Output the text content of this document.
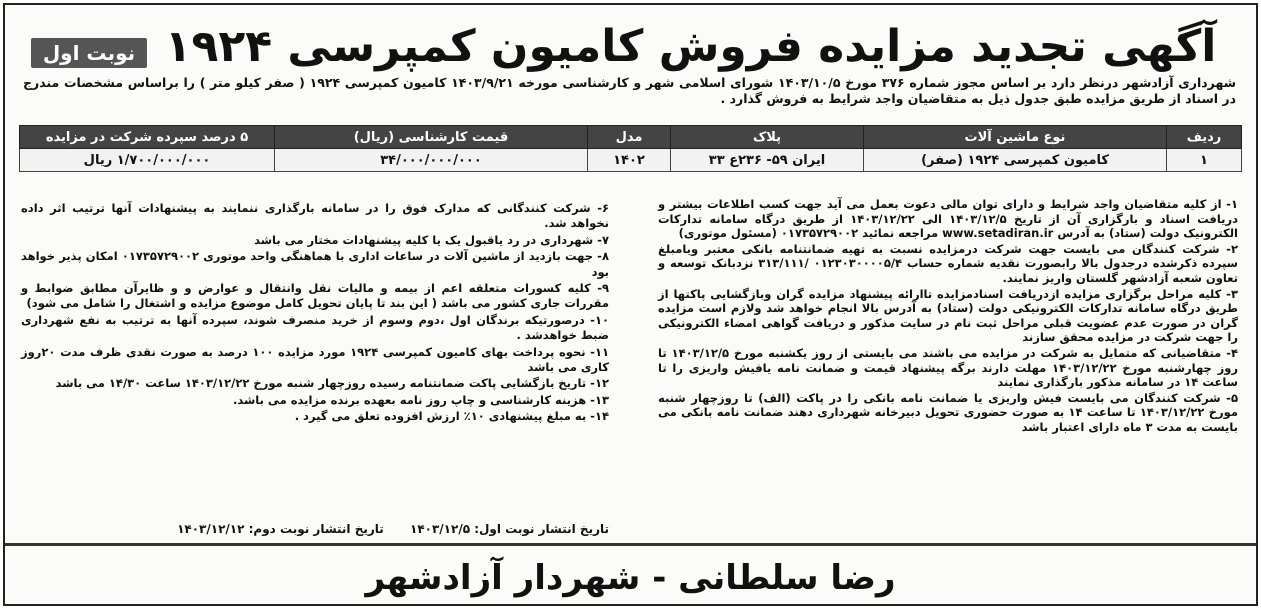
نوبت اول آگهی تجدید مزایده فروش کامیون کمپرسی ۱۹۲۴
شهرداری آزادشهر درنظر دارد بر اساس مجوز شماره ۳۷۶ مورخ ۱۴۰۳/۱۰/۵ شورای اسلامی شهر و کارشناسی مورخه ۱۴۰۳/۹/۲۱ کامیون کمپرسی ۱۹۲۴ ( صفر کیلو متر ) را براساس مشخصات مندرج در اسناد از طریق مزایده طبق جدول ذیل به متقاضیان واجد شرایط به فروش گذارد .
ردیف	نوع ماشین آلات	پلاک	مدل	قیمت کارشناسی (ریال)	۵ درصد سپرده شرکت در مزایده
۱	کامیون کمپرسی ۱۹۲۴ (صفر)	ایران ۵۹- ۲۳۶ع ۳۳	۱۴۰۲	۳۴/۰۰۰/۰۰۰/۰۰۰	۱/۷۰۰/۰۰۰/۰۰۰ ریال

۱- از کلیه متقاضیان واجد شرایط و دارای توان مالی دعوت بعمل می آید جهت کسب اطلاعات بیشتر و دریافت اسناد و بارگزاری آن از تاریخ ۱۴۰۳/۱۲/۵ الی ۱۴۰۳/۱۲/۲۲ از طریق درگاه سامانه تدارکات الکترونیک دولت (ستاد) به آدرس www.setadiran.ir مراجعه نمائید ۰۱۷۳۵۷۲۹۰۰۲ (مسئول موتوری)

۲- شرکت کنندگان می بایست جهت شرکت درمزایده نسبت به تهیه ضمانتنامه بانکی معتبر ویامبلغ سپرده ذکرشده درجدول بالا رابصورت نقدیه شماره حساب ۰۱۲۳۰۳۰۰۰۰۵/۴ /۳۱۳/۱۱۱ نزدبانک توسعه و تعاون شعبه آزادشهر گلستان واریز نمایند.

۳- کلیه مراحل برگزاری مزایده ازدریافت اسنادمزایده تاارائه پیشنهاد مزایده گران وبازگشایی پاکتها از طریق درگاه سامانه تدارکات الکترونیکی دولت (ستاد) به آدرس بالا انجام خواهد شد ولازم است مزایده گران در صورت عدم عضویت قبلی مراحل ثبت نام در سایت مذکور و دریافت گواهی امضاء الکترونیکی را جهت شرکت در مزایده محقق سازند

۴- متقاضیانی که متمایل به شرکت در مزایده می باشند می بایستی از روز یکشنبه مورخ ۱۴۰۳/۱۲/۵ تا روز چهارشنبه مورخ ۱۴۰۳/۱۲/۲۲ مهلت دارند برگه پیشنهاد قیمت و ضمانت نامه یافیش واریزی را تا ساعت ۱۴ در سامانه مذکور بارگذاری نمایند

۵- شرکت کنندگان می بایست فیش واریزی یا ضمانت نامه بانکی را در پاکت (الف) تا روزچهار شنبه مورخ ۱۴۰۳/۱۲/۲۲ تا ساعت ۱۴ به صورت حضوری تحویل دبیرخانه شهرداری دهند ضمانت نامه بانکی می بایست به مدت ۳ ماه دارای اعتبار باشد

۶- شرکت کنندگانی که مدارک فوق را در سامانه بارگذاری ننمایند به پیشنهادات آنها ترتیب اثر داده نخواهد شد.

۷- شهرداری در رد یاقبول یک یا کلیه پیشنهادات مختار می باشد

۸- جهت بازدید از ماشین آلات در ساعات اداری با هماهنگی واحد موتوری ۰۱۷۳۵۷۲۹۰۰۲ امکان پذیر خواهد بود

۹- کلیه کسورات متعلقه اعم از بیمه و مالیات نقل وانتقال و عوارض و و ظایرآن مطابق ضوابط و مقررات جاری کشور می باشد ( این بند تا پایان تحویل کامل موضوع مزایده و اشتغال را شامل می شود)

۱۰- درصورتیکه برندگان اول ،دوم وسوم از خرید منصرف شوند، سپرده آنها به ترتیب به نفع شهرداری ضبط خواهدشد .

۱۱- نحوه پرداخت بهای کامیون کمپرسی ۱۹۲۴ مورد مزایده ۱۰۰ درصد به صورت نقدی ظرف مدت ۲۰روز کاری می باشد

۱۲- تاریخ بازگشایی پاکت ضمانتنامه رسیده روزچهار شنبه مورخ ۱۴۰۳/۱۲/۲۲ ساعت ۱۴/۳۰ می باشد

۱۳- هزینه کارشناسی و چاپ روز نامه بعهده برنده مزایده می باشد.

۱۴- به مبلغ پیشنهادی ۱۰٪ ارزش افزوده تعلق می گیرد .

تاریخ انتشار نوبت اول: ۱۴۰۳/۱۲/۵ تاریخ انتشار نوبت دوم: ۱۴۰۳/۱۲/۱۲
رضا سلطانی - شهردار آزادشهر
